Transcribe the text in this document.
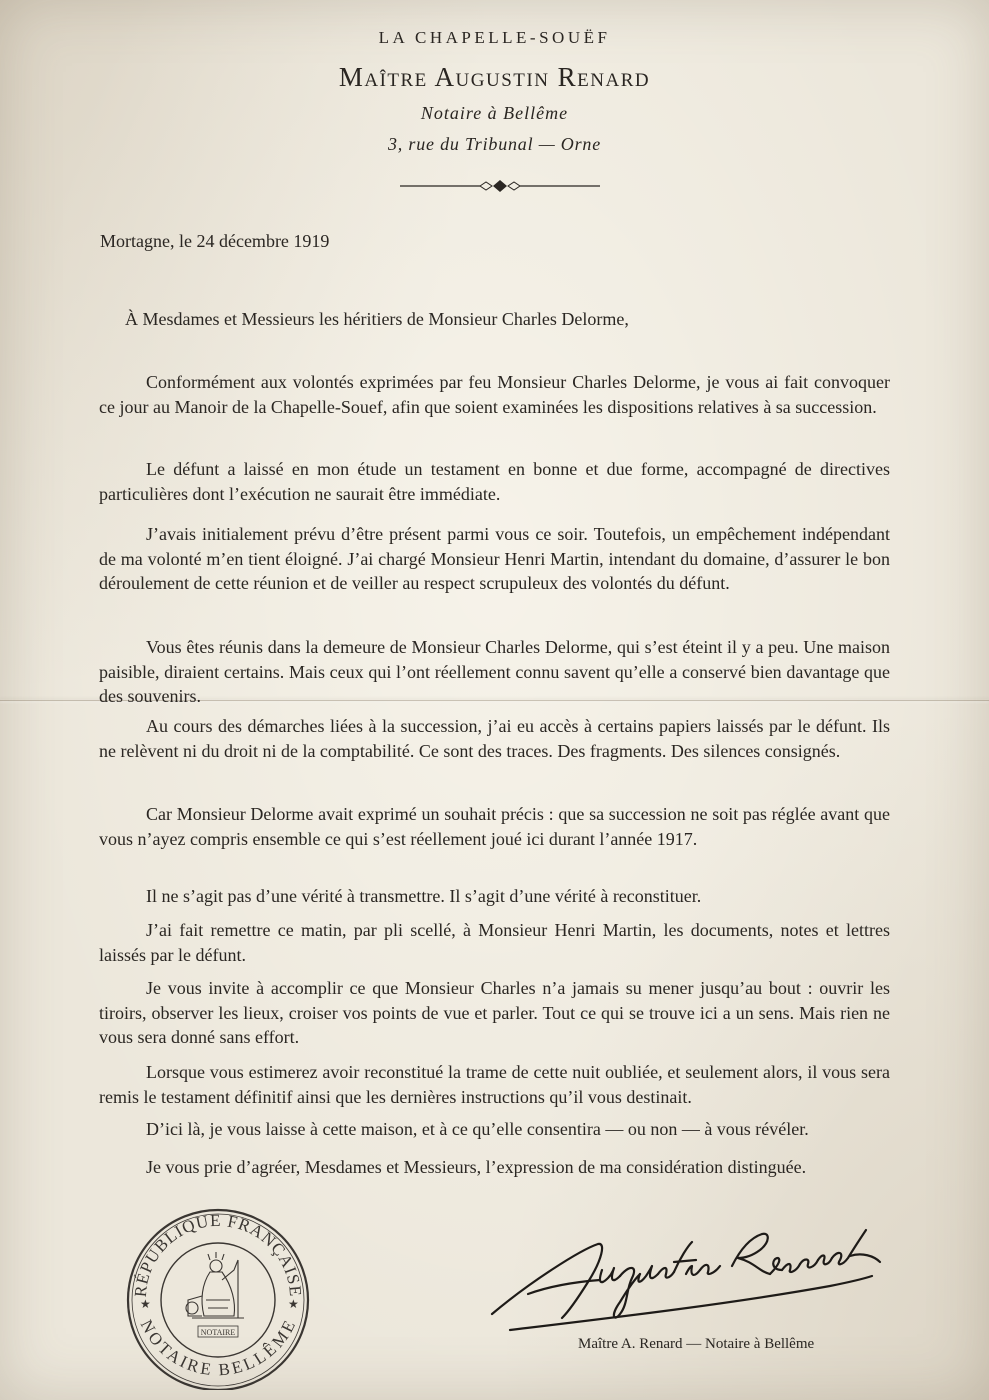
LA CHAPELLE-SOUËF
Maître Augustin Renard
Notaire à Bellême
3, rue du Tribunal — Orne
Mortagne, le 24 décembre 1919
À Mesdames et Messieurs les héritiers de Monsieur Charles Delorme,

Conformément aux volontés exprimées par feu Monsieur Charles Delorme, je vous ai fait convoquer ce jour au Manoir de la Chapelle-Souef, afin que soient examinées les dispositions relatives à sa succession.

Le défunt a laissé en mon étude un testament en bonne et due forme, accompagné de directives particulières dont l’exécution ne saurait être immédiate.

J’avais initialement prévu d’être présent parmi vous ce soir. Toutefois, un empêchement indépendant de ma volonté m’en tient éloigné. J’ai chargé Monsieur Henri Martin, intendant du domaine, d’assurer le bon déroulement de cette réunion et de veiller au respect scrupuleux des volontés du défunt.

Vous êtes réunis dans la demeure de Monsieur Charles Delorme, qui s’est éteint il y a peu. Une maison paisible, diraient certains. Mais ceux qui l’ont réellement connu savent qu’elle a conservé bien davantage que des souvenirs.

Au cours des démarches liées à la succession, j’ai eu accès à certains papiers laissés par le défunt. Ils ne relèvent ni du droit ni de la comptabilité. Ce sont des traces. Des fragments. Des silences consignés.

Car Monsieur Delorme avait exprimé un souhait précis : que sa succession ne soit pas réglée avant que vous n’ayez compris ensemble ce qui s’est réellement joué ici durant l’année 1917.

Il ne s’agit pas d’une vérité à transmettre. Il s’agit d’une vérité à reconstituer.

J’ai fait remettre ce matin, par pli scellé, à Monsieur Henri Martin, les documents, notes et lettres laissés par le défunt.

Je vous invite à accomplir ce que Monsieur Charles n’a jamais su mener jusqu’au bout : ouvrir les tiroirs, observer les lieux, croiser vos points de vue et parler. Tout ce qui se trouve ici a un sens. Mais rien ne vous sera donné sans effort.

Lorsque vous estimerez avoir reconstitué la trame de cette nuit oubliée, et seulement alors, il vous sera remis le testament définitif ainsi que les dernières instructions qu’il vous destinait.

D’ici là, je vous laisse à cette maison, et à ce qu’elle consentira — ou non — à vous révéler.

Je vous prie d’agréer, Mesdames et Messieurs, l’expression de ma considération distinguée.

RÉPUBLIQUE FRANÇAISE
NOTAIRE BELLÊME
★	★
NOTAIRE
Maître A. Renard — Notaire à Bellême
